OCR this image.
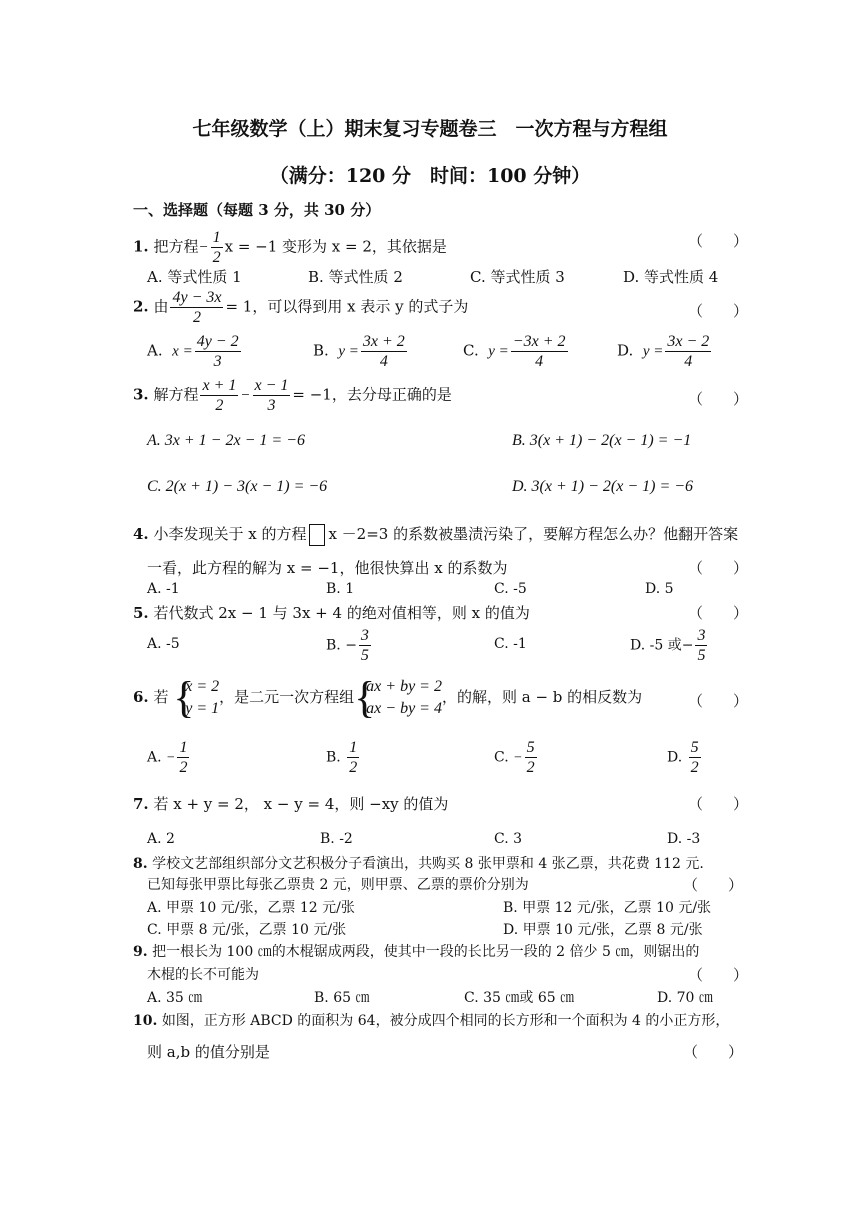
七年级数学（上）期末复习专题卷三　一次方程与方程组
（满分：120 分　时间：100 分钟）
一、选择题（每题 3 分，共 30 分）
1. 把方程− $\frac{1}{2}$ x = −1 变形为 x = 2，其依据是	（　　）
A. 等式性质 1	B. 等式性质 2	C. 等式性质 3	D. 等式性质 4
2. 由 $\frac{4y - 3x}{2} = 1$，可以得到用 x 表示 y 的式子为	（　　）
A. $x = \frac{4y - 2}{3}$	B. $y = \frac{3x + 2}{4}$	C. $y = \frac{-3x + 2}{4}$	D. $y = \frac{3x - 2}{4}$
3. 解方程 $\frac{x + 1}{2} - \frac{x - 1}{3} = -1$，去分母正确的是	（　　）
A. 3x + 1 − 2x − 1 = −6	B. 3(x + 1) − 2(x − 1) = −1
C. 2(x + 1) − 3(x − 1) = −6	D. 3(x + 1) − 2(x − 1) = −6
4. 小李发现关于 x 的方程 x －2=3 的系数被墨渍污染了，要解方程怎么办？他翻开答案
一看，此方程的解为 x = −1，他很快算出 x 的系数为	（　　）
A. -1	B. 1	C. -5	D. 5
5. 若代数式 2x − 1 与 3x + 4 的绝对值相等，则 x 的值为	（　　）
A. -5	B. − $\frac{3}{5}$	C. -1	D. -5 或− $\frac{3}{5}$
6. 若 {
x = 2
y = 1
，是二元一次方程组 {
ax + by = 2
ax − by = 4
，的解，则 a − b 的相反数为	（　　）
A. − $\frac{1}{2}$	B. $\frac{1}{2}$	C. − $\frac{5}{2}$	D. $\frac{5}{2}$
7. 若 x + y = 2， x − y = 4，则 −xy 的值为	（　　）
A. 2	B. -2	C. 3	D. -3
8. 学校文艺部组织部分文艺积极分子看演出，共购买 8 张甲票和 4 张乙票，共花费 112 元.
已知每张甲票比每张乙票贵 2 元，则甲票、乙票的票价分别为	（　　）
A. 甲票 10 元/张，乙票 12 元/张	B. 甲票 12 元/张，乙票 10 元/张
C. 甲票 8 元/张，乙票 10 元/张	D. 甲票 10 元/张，乙票 8 元/张
9. 把一根长为 100 ㎝的木棍锯成两段，使其中一段的长比另一段的 2 倍少 5 ㎝，则锯出的
木棍的长不可能为	（　　）
A. 35 ㎝	B. 65 ㎝	C. 35 ㎝或 65 ㎝	D. 70 ㎝
10. 如图，正方形 ABCD 的面积为 64，被分成四个相同的长方形和一个面积为 4 的小正方形，
则 a,b 的值分别是	（　　）
